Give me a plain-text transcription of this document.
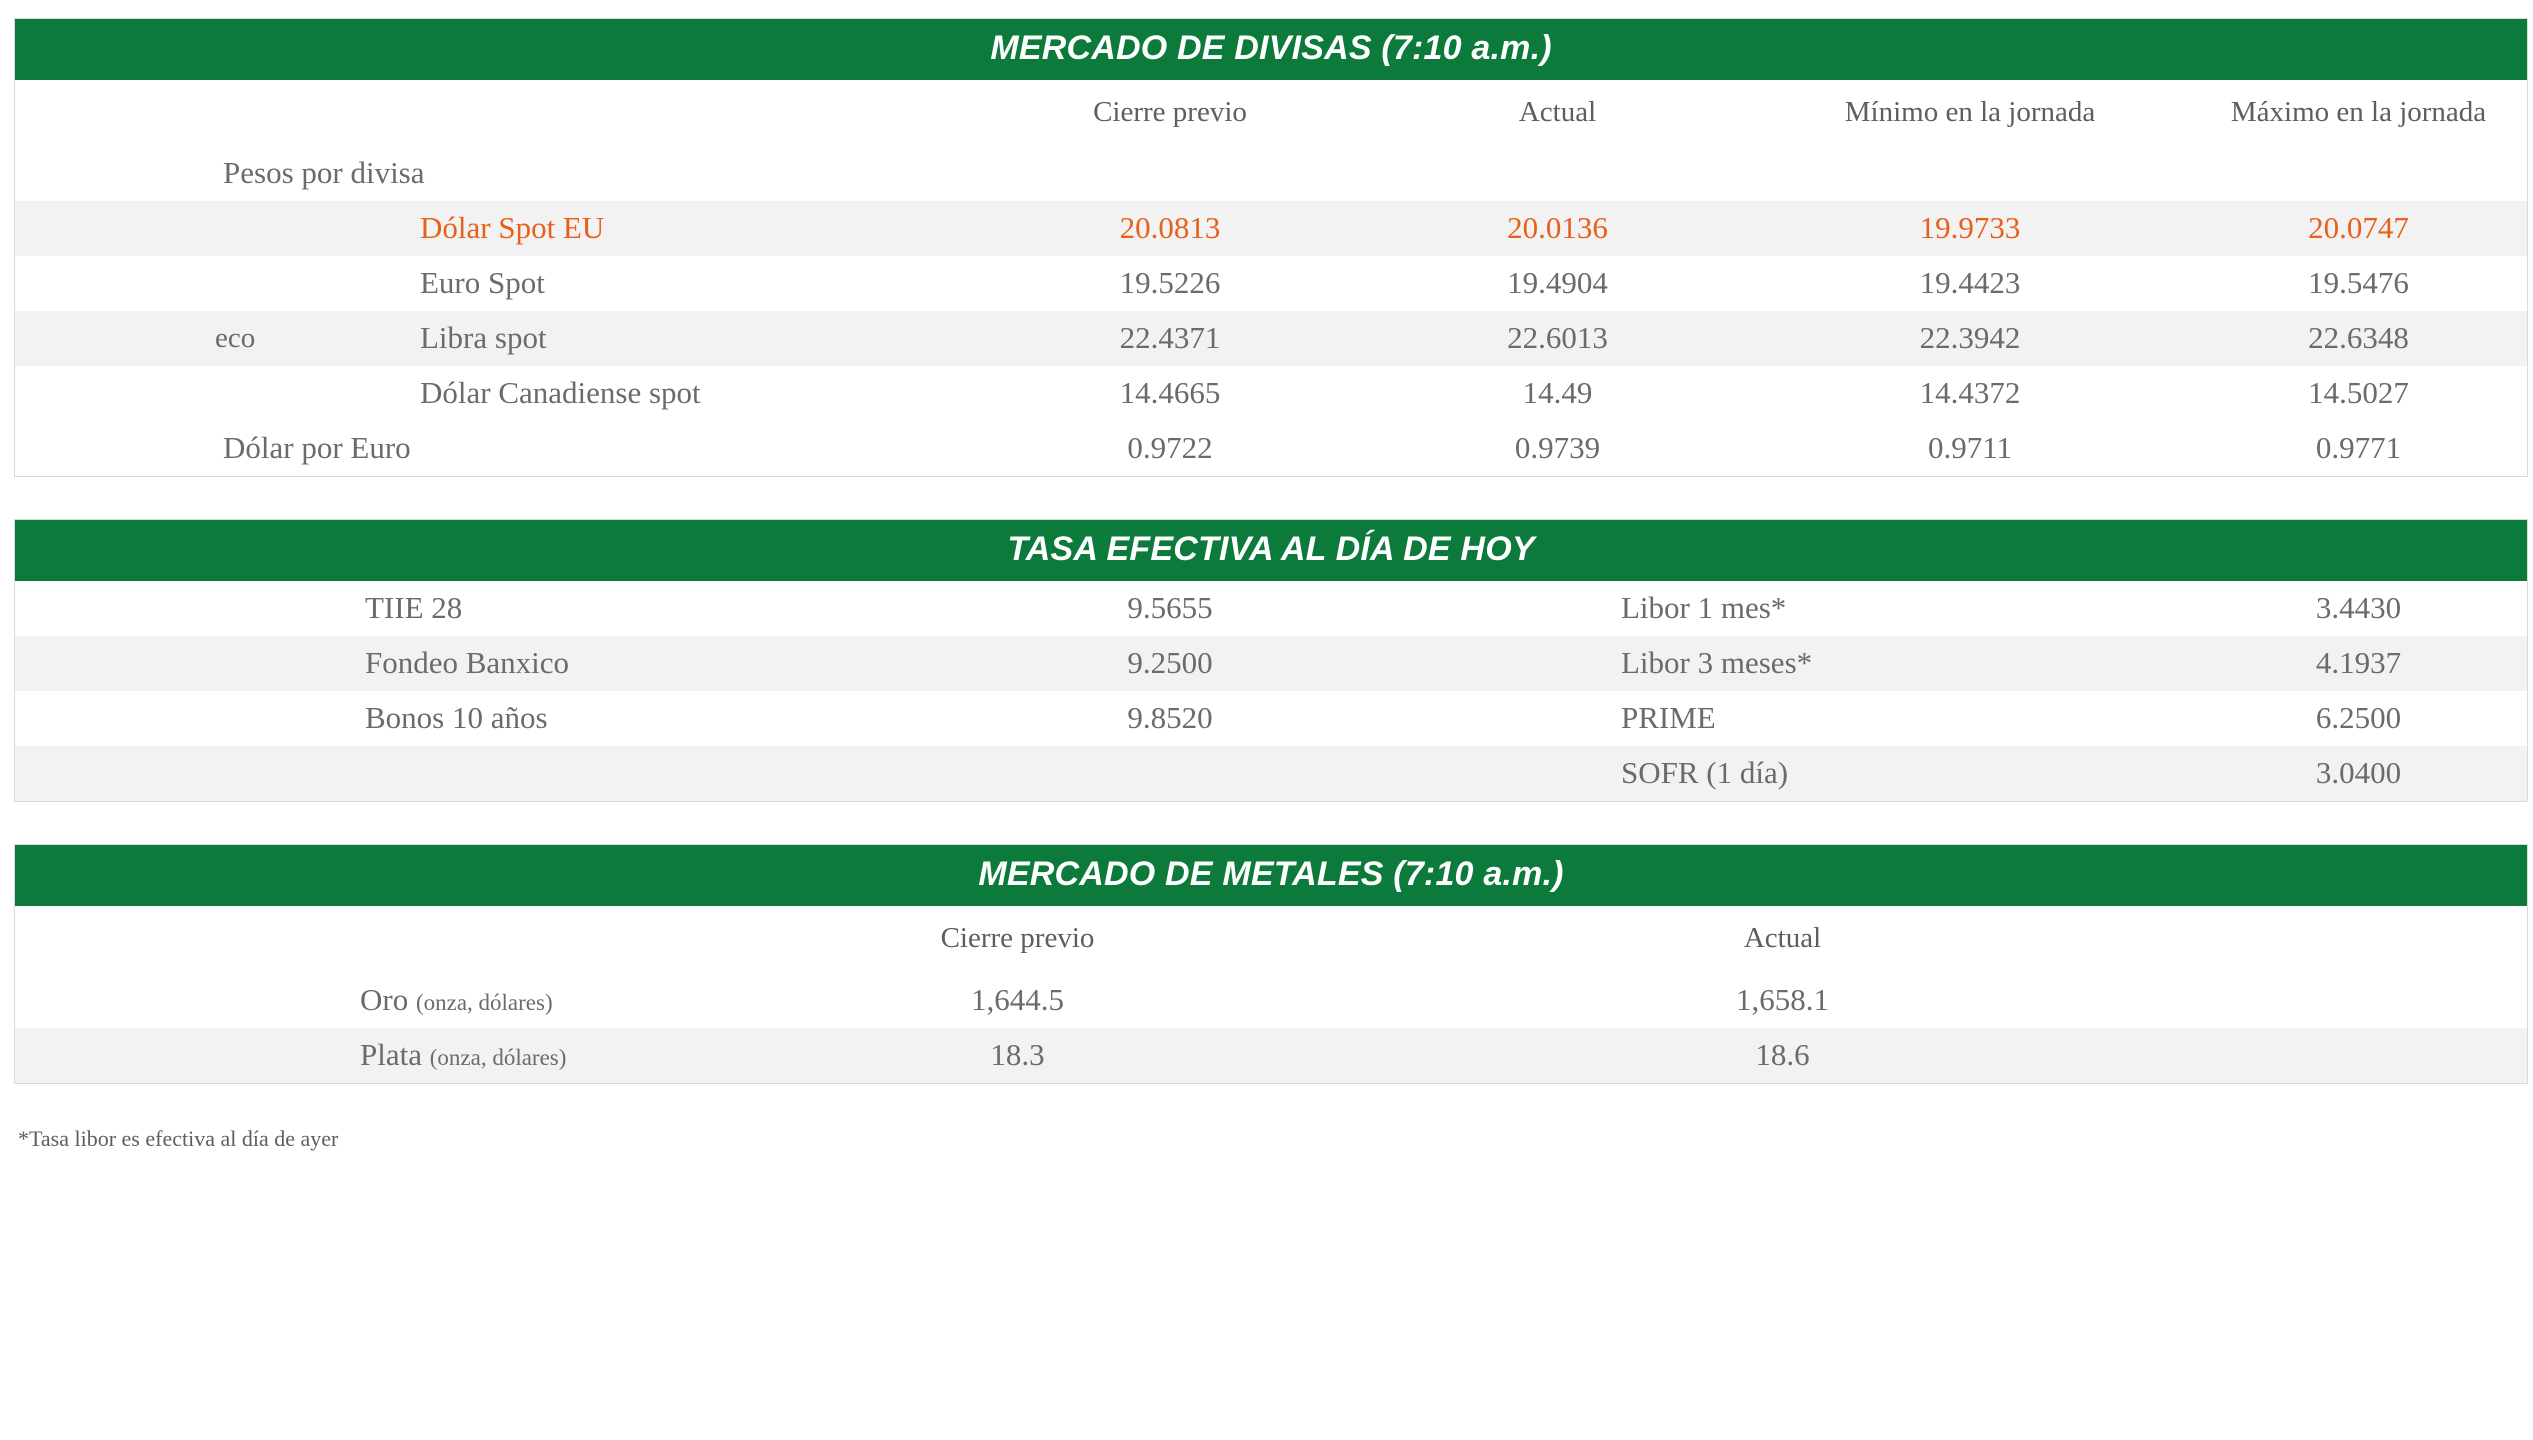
MERCADO DE DIVISAS (7:10 a.m.)					
		Cierre previo	Actual	Mínimo en la jornada	Máximo en la jornada
Pesos por divisa					
	Dólar Spot EU	20.0813	20.0136	19.9733	20.0747
	Euro Spot	19.5226	19.4904	19.4423	19.5476
eco	Libra spot	22.4371	22.6013	22.3942	22.6348
	Dólar Canadiense spot	14.4665	14.49	14.4372	14.5027
Dólar por Euro		0.9722	0.9739	0.9711	0.9771
TASA EFECTIVA AL DÍA DE HOY				
TIIE 28	9.5655		Libor 1 mes*	3.4430
Fondeo Banxico	9.2500		Libor 3 meses*	4.1937
Bonos 10 años	9.8520		PRIME	6.2500
			SOFR (1 día)	3.0400
MERCADO DE METALES (7:10 a.m.)			
	Cierre previo	Actual	
Oro (onza, dólares)	1,644.5	1,658.1	
Plata (onza, dólares)	18.3	18.6	
*Tasa libor es efectiva al día de ayer
